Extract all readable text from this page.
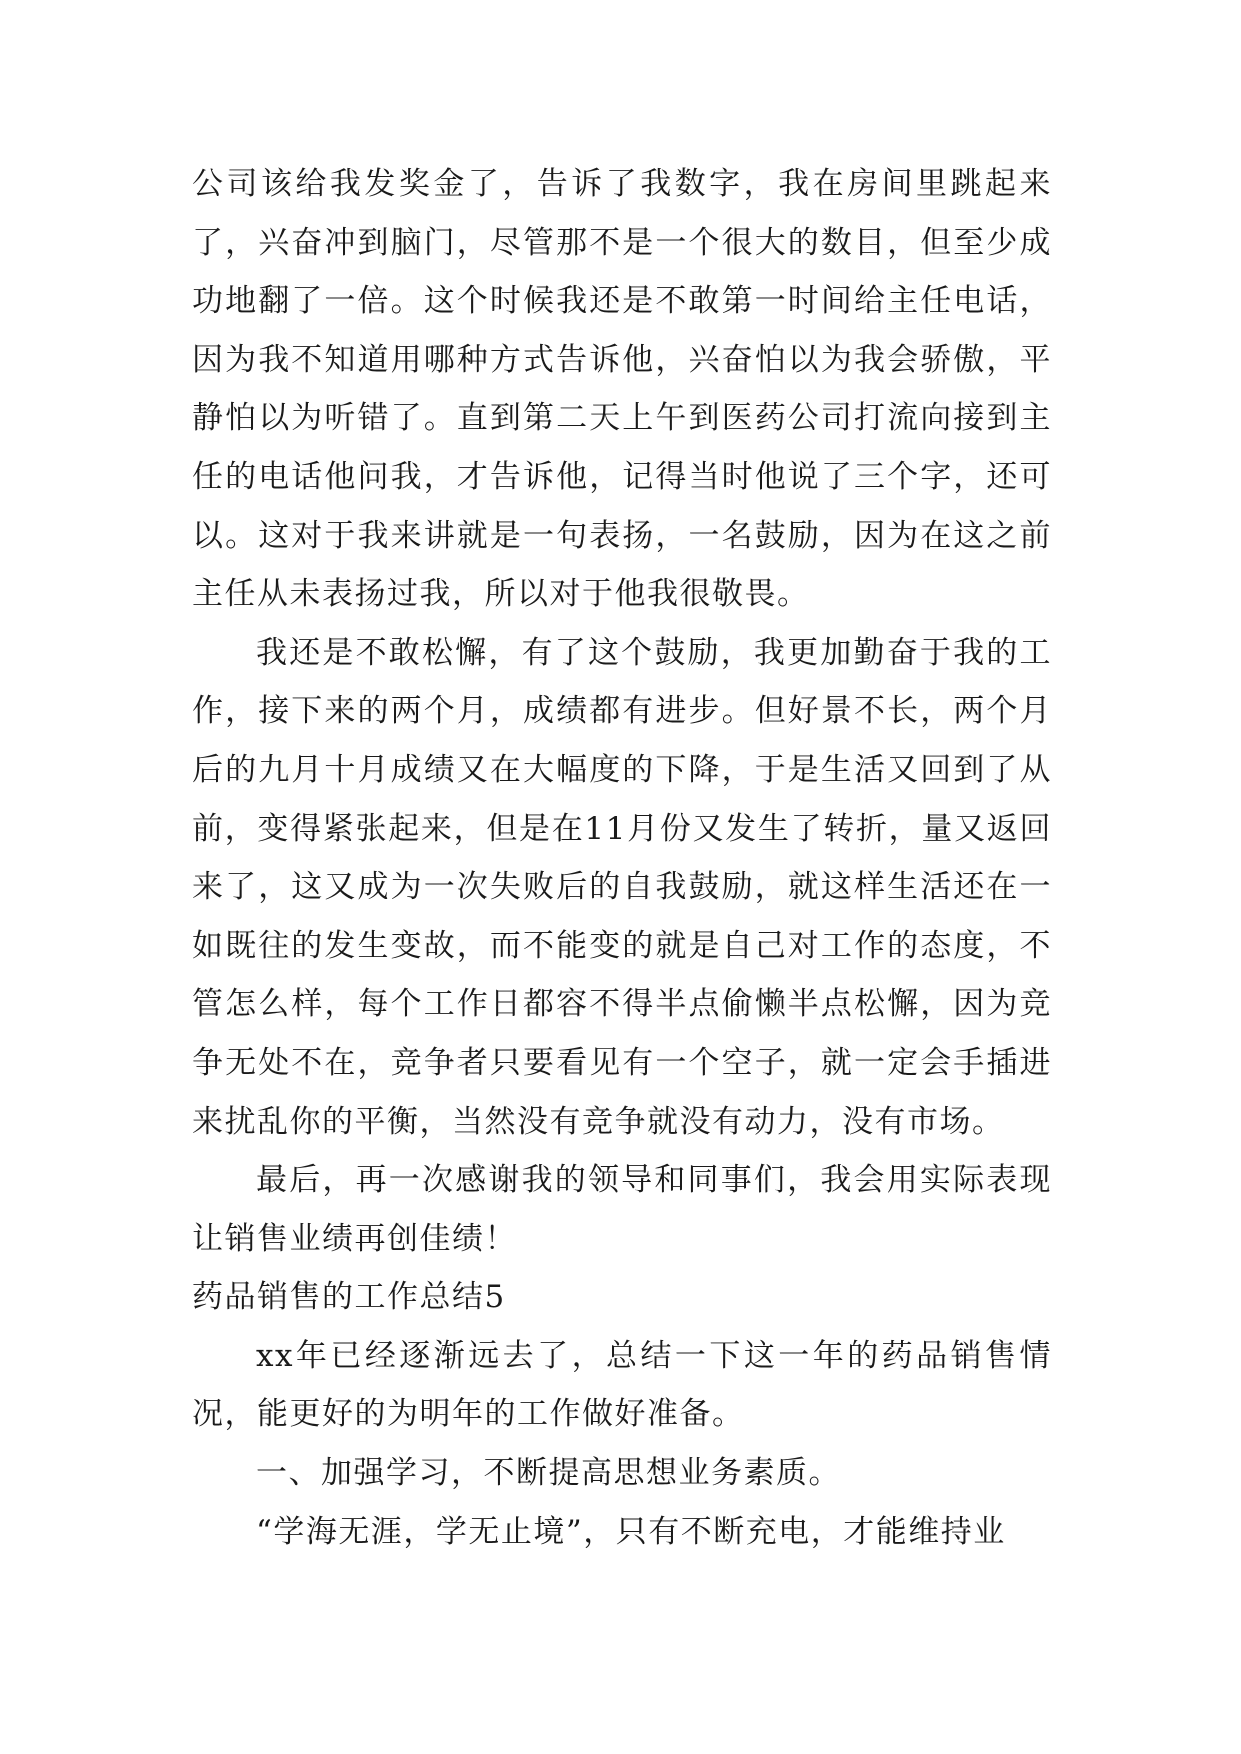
公司该给我发奖金了，告诉了我数字，我在房间里跳起来了，兴奋冲到脑门，尽管那不是一个很大的数目，但至少成功地翻了一倍。这个时候我还是不敢第一时间给主任电话，因为我不知道用哪种方式告诉他，兴奋怕以为我会骄傲，平静怕以为听错了。直到第二天上午到医药公司打流向接到主任的电话他问我，才告诉他，记得当时他说了三个字，还可以。这对于我来讲就是一句表扬，一名鼓励，因为在这之前主任从未表扬过我，所以对于他我很敬畏。

我还是不敢松懈，有了这个鼓励，我更加勤奋于我的工作，接下来的两个月，成绩都有进步。但好景不长，两个月后的九月十月成绩又在大幅度的下降，于是生活又回到了从前，变得紧张起来，但是在11月份又发生了转折，量又返回来了，这又成为一次失败后的自我鼓励，就这样生活还在一如既往的发生变故，而不能变的就是自己对工作的态度，不管怎么样，每个工作日都容不得半点偷懒半点松懈，因为竞争无处不在，竞争者只要看见有一个空子，就一定会手插进来扰乱你的平衡，当然没有竞争就没有动力，没有市场。

最后，再一次感谢我的领导和同事们，我会用实际表现让销售业绩再创佳绩！

药品销售的工作总结5

xx年已经逐渐远去了，总结一下这一年的药品销售情况，能更好的为明年的工作做好准备。

一、加强学习，不断提高思想业务素质。

“学海无涯，学无止境”，只有不断充电，才能维持业
